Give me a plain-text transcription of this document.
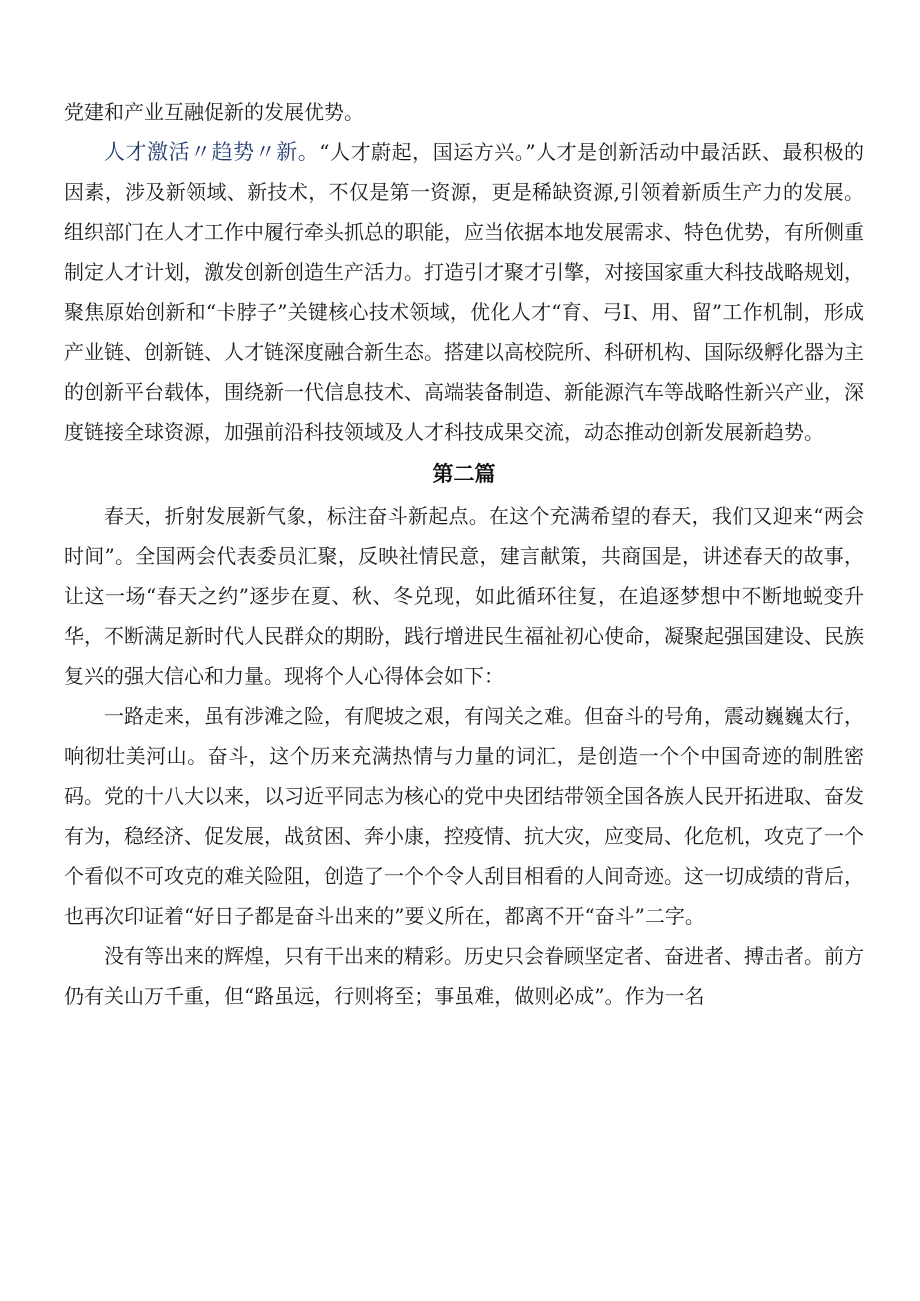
党建和产业互融促新的发展优势。

人才激活〃趋势〃新。“人才蔚起，国运方兴。”人才是创新活动中最活跃、最积极的因素，涉及新领域、新技术，不仅是第一资源，更是稀缺资源,引领着新质生产力的发展。组织部门在人才工作中履行牵头抓总的职能，应当依据本地发展需求、特色优势，有所侧重制定人才计划，激发创新创造生产活力。打造引才聚才引擎，对接国家重大科技战略规划，聚焦原始创新和“卡脖子”关键核心技术领域，优化人才“育、弓I、用、留”工作机制，形成产业链、创新链、人才链深度融合新生态。搭建以高校院所、科研机构、国际级孵化器为主的创新平台载体，围绕新一代信息技术、高端装备制造、新能源汽车等战略性新兴产业，深度链接全球资源，加强前沿科技领域及人才科技成果交流，动态推动创新发展新趋势。

第二篇

春天，折射发展新气象，标注奋斗新起点。在这个充满希望的春天，我们又迎来“两会时间”。全国两会代表委员汇聚，反映社情民意，建言献策，共商国是，讲述春天的故事，让这一场“春天之约”逐步在夏、秋、冬兑现，如此循环往复，在追逐梦想中不断地蜕变升华，不断满足新时代人民群众的期盼，践行增进民生福祉初心使命，凝聚起强国建设、民族复兴的强大信心和力量。现将个人心得体会如下：

一路走来，虽有涉滩之险，有爬坡之艰，有闯关之难。但奋斗的号角，震动巍巍太行，响彻壮美河山。奋斗，这个历来充满热情与力量的词汇，是创造一个个中国奇迹的制胜密码。党的十八大以来，以习近平同志为核心的党中央团结带领全国各族人民开拓进取、奋发有为，稳经济、促发展，战贫困、奔小康，控疫情、抗大灾，应变局、化危机，攻克了一个个看似不可攻克的难关险阻，创造了一个个令人刮目相看的人间奇迹。这一切成绩的背后，也再次印证着“好日子都是奋斗出来的”要义所在，都离不开“奋斗”二字。

没有等出来的辉煌，只有干出来的精彩。历史只会眷顾坚定者、奋进者、搏击者。前方仍有关山万千重，但“路虽远，行则将至；事虽难，做则必成”。作为一名
